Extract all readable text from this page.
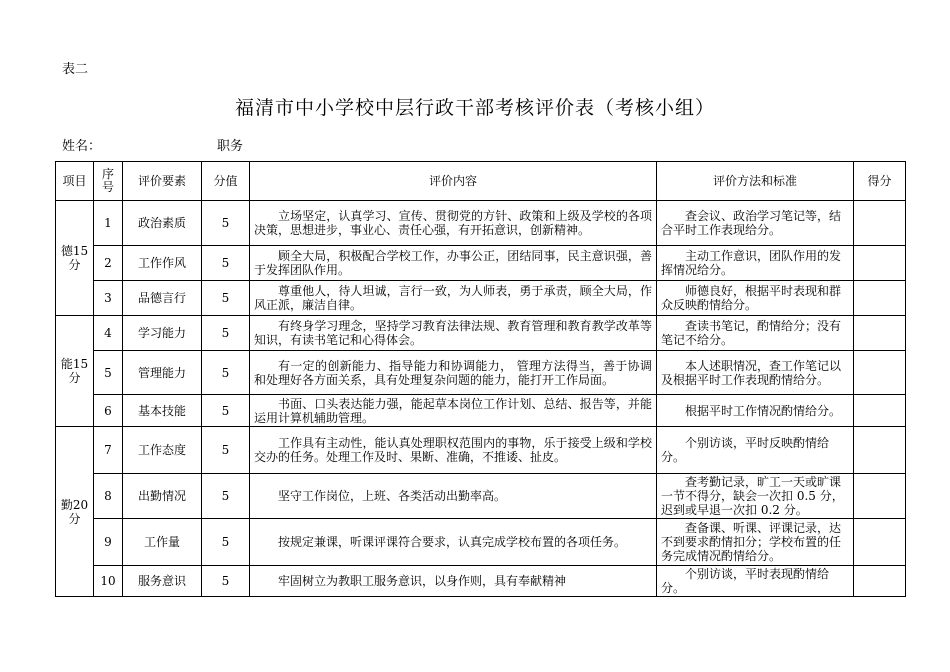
表二
福清市中小学校中层行政干部考核评价表（考核小组）
姓名：	职务
项目	序号	评价要素	分值	评价内容	评价方法和标准	得分
德15分	1	政治素质	5	立场坚定，认真学习、宣传、贯彻党的方针、政策和上级及学校的各项决策，思想进步，事业心、责任心强，有开拓意识，创新精神。	查会议、政治学习笔记等，结合平时工作表现给分。	
	2	工作作风	5	顾全大局，积极配合学校工作，办事公正，团结同事，民主意识强，善于发挥团队作用。	主动工作意识，团队作用的发挥情况给分。	
	3	品德言行	5	尊重他人，待人坦诚，言行一致，为人师表，勇于承责，顾全大局，作风正派，廉洁自律。	师德良好，根据平时表现和群众反映酌情给分。	
能15分	4	学习能力	5	有终身学习理念，坚持学习教育法律法规、教育管理和教育教学改革等知识，有读书笔记和心得体会。	查读书笔记，酌情给分；没有笔记不给分。	
	5	管理能力	5	有一定的创新能力、指导能力和协调能力， 管理方法得当，善于协调和处理好各方面关系，具有处理复杂问题的能力，能打开工作局面。	本人述职情况，查工作笔记以及根据平时工作表现酌情给分。	
	6	基本技能	5	书面、口头表达能力强，能起草本岗位工作计划、总结、报告等，并能运用计算机辅助管理。	根据平时工作情况酌情给分。	
勤20分	7	工作态度	5	工作具有主动性，能认真处理职权范围内的事物，乐于接受上级和学校交办的任务。处理工作及时、果断、准确，不推诿、扯皮。	个别访谈，平时反映酌情给分。	
	8	出勤情况	5	坚守工作岗位，上班、各类活动出勤率高。	查考勤记录，旷工一天或旷课一节不得分，缺会一次扣 0.5 分，迟到或早退一次扣 0.2 分。	
	9	工作量	5	按规定兼课，听课评课符合要求，认真完成学校布置的各项任务。	查备课、听课、评课记录，达不到要求酌情扣分；学校布置的任务完成情况酌情给分。	
	10	服务意识	5	牢固树立为教职工服务意识，以身作则，具有奉献精神	个别访谈，平时表现酌情给分。	
